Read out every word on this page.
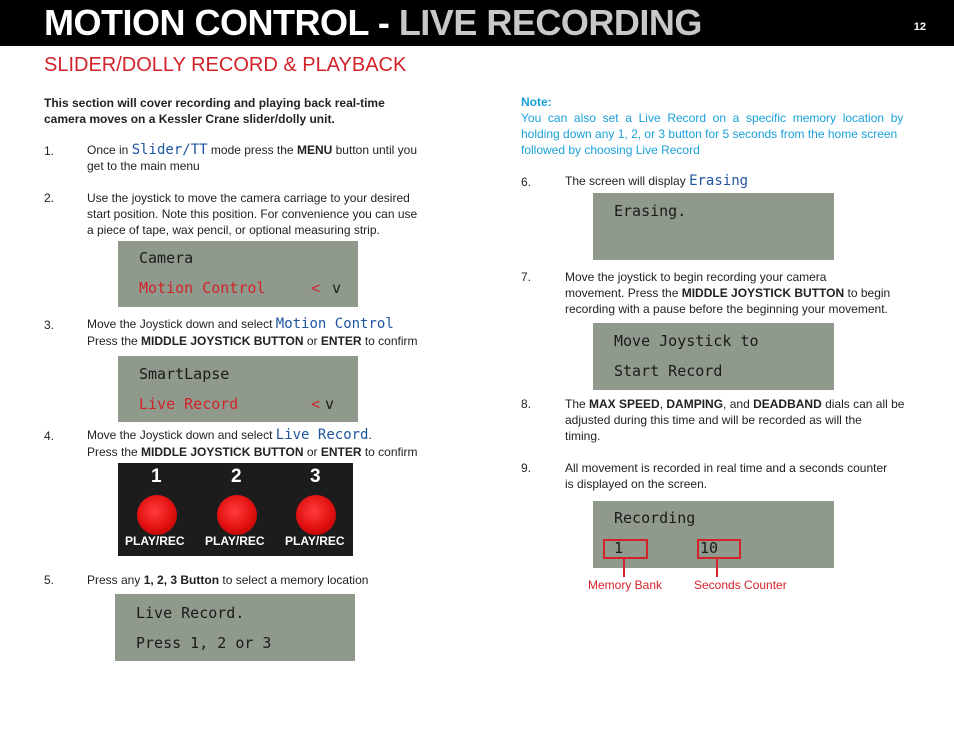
MOTION CONTROL - LIVE RECORDING	12
SLIDER/DOLLY RECORD & PLAYBACK
This section will cover recording and playing back real-time
camera moves on a Kessler Crane slider/dolly unit.
1.	Once in Slider/TT mode press the MENU button until you
get to the main menu
2.	Use the joystick to move the camera carriage to your desired
start position. Note this position. For convenience you can use
a piece of tape, wax pencil, or optional measuring strip.
Camera
Motion Control	< v
3.	Move the Joystick down and select Motion Control
Press the MIDDLE JOYSTICK BUTTON or ENTER to confirm
SmartLapse
Live Record	< v
4.	Move the Joystick down and select Live Record.
Press the MIDDLE JOYSTICK BUTTON or ENTER to confirm
1
PLAY/REC
2
PLAY/REC
3
PLAY/REC
5.	Press any 1, 2, 3 Button to select a memory location
Live Record.
Press 1, 2 or 3
Note:
You  can  also  set  a  Live  Record  on  a  specific  memory  location  by
holding down any 1, 2, or 3 button for 5 seconds from the home screen
followed by choosing Live Record
6.	The screen will display Erasing
Erasing.
7.	Move the joystick to begin recording your camera
movement. Press the MIDDLE JOYSTICK BUTTON to begin
recording with a pause before the beginning your movement.
Move Joystick to
Start Record
8.	The MAX SPEED, DAMPING, and DEADBAND dials can all be
adjusted during this time and will be recorded as will the
timing.
9.	All movement is recorded in real time and a seconds counter
is displayed on the screen.
Recording
1	10
Memory Bank	Seconds Counter
